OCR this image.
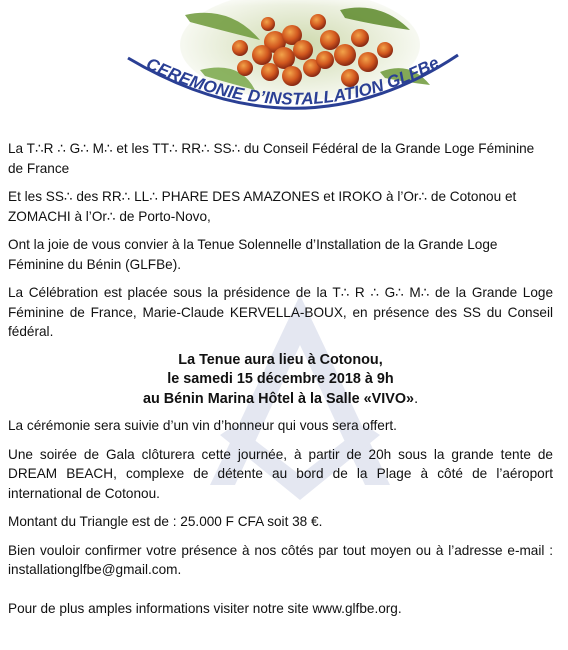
CEREMONIE D’INSTALLATION GLFBe

La T∴R ∴ G∴ M∴ et les TT∴ RR∴ SS∴ du Conseil Fédéral de la Grande Loge Féminine de France

Et les SS∴ des RR∴ LL∴ PHARE DES AMAZONES et IROKO à l’Or∴ de Cotonou et ZOMACHI à l’Or∴ de Porto-Novo,

Ont la joie de vous convier à la Tenue Solennelle d’Installation de la Grande Loge Féminine du Bénin (GLFBe).

La Célébration est placée sous la présidence de la T∴ R ∴ G∴ M∴ de la Grande Loge Féminine de France, Marie-Claude KERVELLA-BOUX, en présence des SS du Conseil fédéral.

La Tenue aura lieu à Cotonou,
le samedi 15 décembre 2018 à 9h
au Bénin Marina Hôtel à la Salle «VIVO».

La cérémonie sera suivie d’un vin d’honneur qui vous sera offert.

Une soirée de Gala clôturera cette journée, à partir de 20h sous la grande tente de DREAM BEACH, complexe de détente au bord de la Plage à côté de l’aéroport international de Cotonou.

Montant du Triangle est de : 25.000 F CFA soit 38 €.

Bien vouloir confirmer votre présence à nos côtés par tout moyen ou à l’adresse e-mail : installationglfbe@gmail.com.

Pour de plus amples informations visiter notre site www.glfbe.org.
